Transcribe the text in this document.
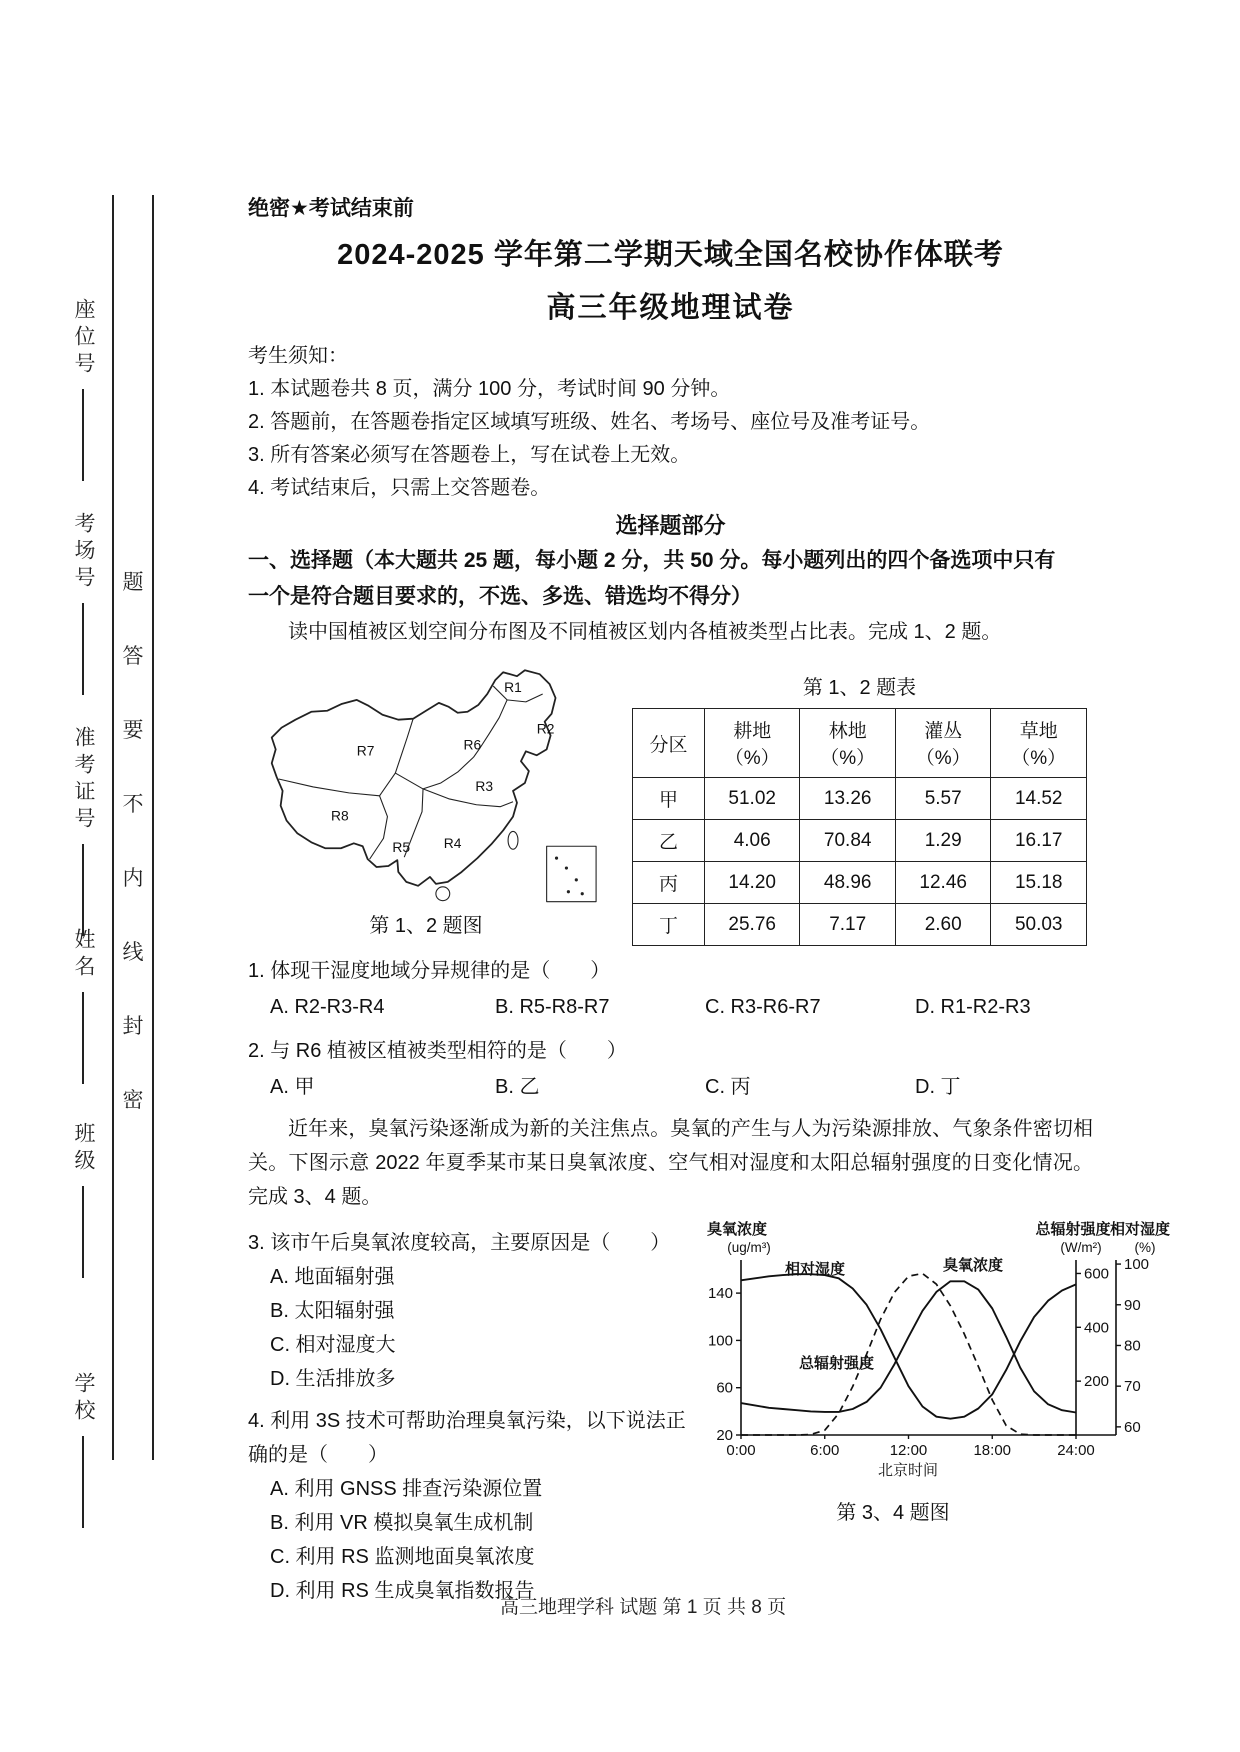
座位号
考场号
准考证号
姓名
班级
学校
题
答
要
不
内
线
封
密
绝密★考试结束前
2024-2025 学年第二学期天域全国名校协作体联考
高三年级地理试卷
考生须知：
1. 本试题卷共 8 页，满分 100 分，考试时间 90 分钟。
2. 答题前，在答题卷指定区域填写班级、姓名、考场号、座位号及准考证号。
3. 所有答案必须写在答题卷上，写在试卷上无效。
4. 考试结束后，只需上交答题卷。
选择题部分
一、选择题（本大题共 25 题，每小题 2 分，共 50 分。每小题列出的四个备选项中只有
一个是符合题目要求的，不选、多选、错选均不得分）
读中国植被区划空间分布图及不同植被区划内各植被类型占比表。完成 1、2 题。
R1
R2
R3
R4
R5
R6
R7
R8
第 1、2 题图
第 1、2 题表
分区	耕地（%）	林地（%）	灌丛（%）	草地（%）
甲	51.02	13.26	5.57	14.52
乙	4.06	70.84	1.29	16.17
丙	14.20	48.96	12.46	15.18
丁	25.76	7.17	2.60	50.03
1. 体现干湿度地域分异规律的是（　　）
A. R2-R3-R4	B. R5-R8-R7	C. R3-R6-R7	D. R1-R2-R3
2. 与 R6 植被区植被类型相符的是（　　）
A. 甲	B. 乙	C. 丙	D. 丁
近年来，臭氧污染逐渐成为新的关注焦点。臭氧的产生与人为污染源排放、气象条件密切相关。下图示意 2022 年夏季某市某日臭氧浓度、空气相对湿度和太阳总辐射强度的日变化情况。完成 3、4 题。
3. 该市午后臭氧浓度较高，主要原因是（　　）
A. 地面辐射强
B. 太阳辐射强
C. 相对湿度大
D. 生活排放多
4. 利用 3S 技术可帮助治理臭氧污染，以下说法正确的是（　　）
A. 利用 GNSS 排查污染源位置
B. 利用 VR 模拟臭氧生成机制
C. 利用 RS 监测地面臭氧浓度
D. 利用 RS 生成臭氧指数报告
臭氧浓度
(ug/m³)
总辐射强度
(W/m²)
相对湿度
(%)
相对湿度	臭氧浓度
总辐射强度
140
100
60
20
600
400
200
100
90
80
70
60
0:00	6:00	12:00	18:00	24:00
北京时间
第 3、4 题图
高三地理学科 试题 第 1 页 共 8 页
